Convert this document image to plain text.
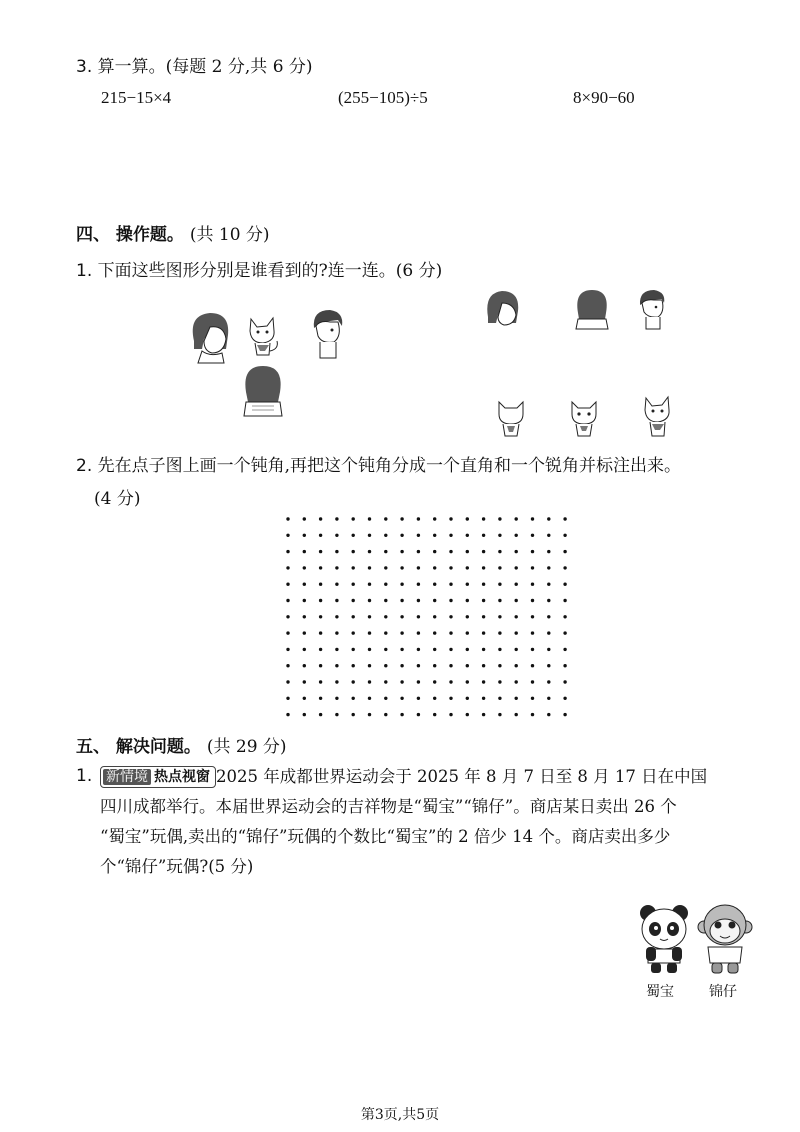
3. 算一算。(每题 2 分,共 6 分)
215−15×4	(255−105)÷5	8×90−60
四、 操作题。 (共 10 分)
1. 下面这些图形分别是谁看到的?连一连。(6 分)
2. 先在点子图上画一个钝角,再把这个钝角分成一个直角和一个锐角并标注出来。
(4 分)
五、 解决问题。 (共 29 分)
1. 新情境 热点视窗 2025 年成都世界运动会于 2025 年 8 月 7 日至 8 月 17 日在中国
四川成都举行。本届世界运动会的吉祥物是“蜀宝”“锦仔”。商店某日卖出 26 个
“蜀宝”玩偶,卖出的“锦仔”玩偶的个数比“蜀宝”的 2 倍少 14 个。商店卖出多少
个“锦仔”玩偶?(5 分)
蜀宝	锦仔
第3页,共5页
